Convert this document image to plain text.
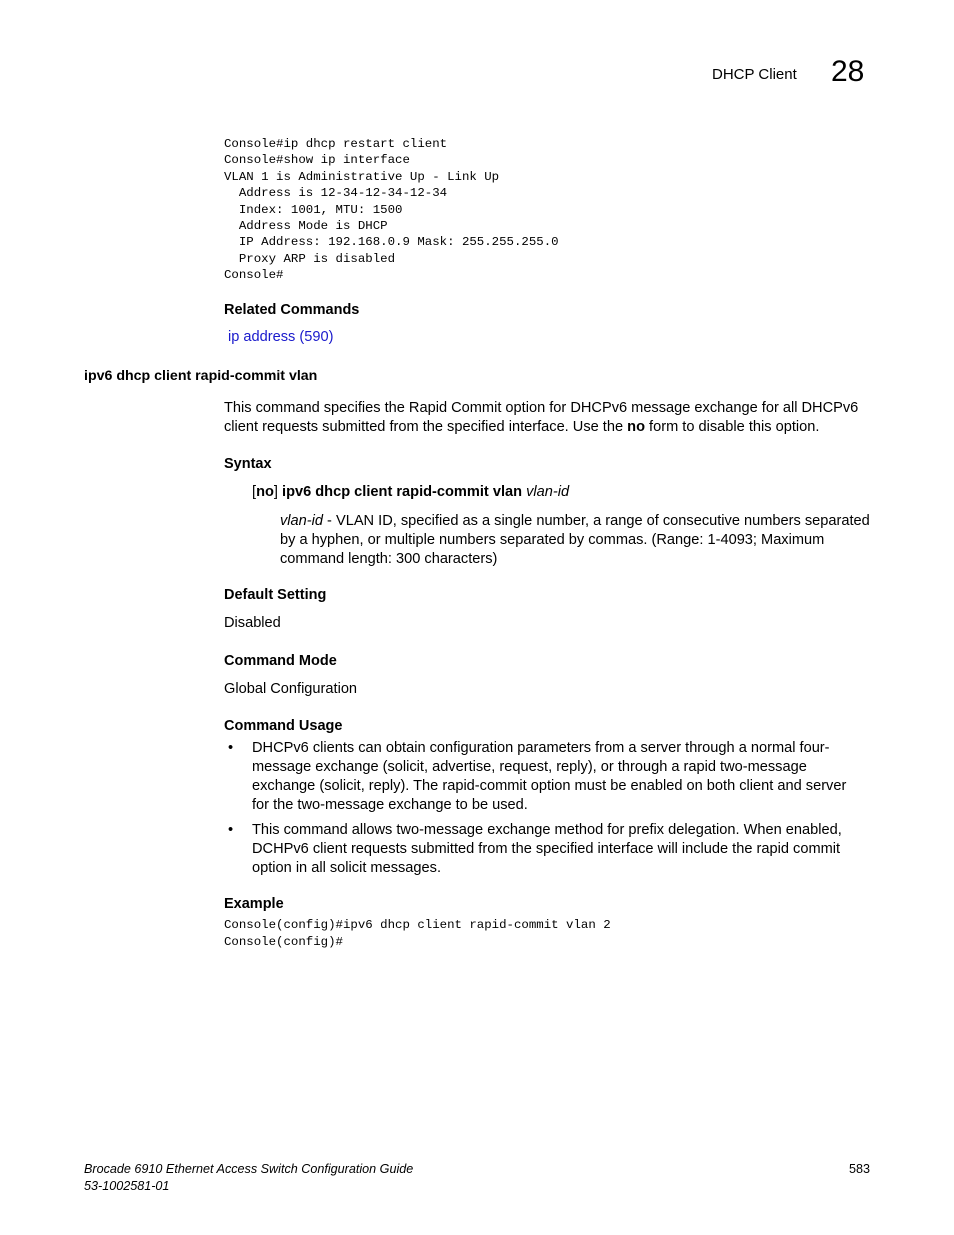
DHCP Client 28
Console#ip dhcp restart client
Console#show ip interface
VLAN 1 is Administrative Up - Link Up
Address is 12-34-12-34-12-34
Index: 1001, MTU: 1500
Address Mode is DHCP
IP Address: 192.168.0.9 Mask: 255.255.255.0
Proxy ARP is disabled
Console#
Related Commands
ip address (590)
ipv6 dhcp client rapid-commit vlan
This command specifies the Rapid Commit option for DHCPv6 message exchange for all DHCPv6 client requests submitted from the specified interface. Use the no form to disable this option.
Syntax
[no] ipv6 dhcp client rapid-commit vlan vlan-id
vlan-id - VLAN ID, specified as a single number, a range of consecutive numbers separated by a hyphen, or multiple numbers separated by commas. (Range: 1-4093; Maximum command length: 300 characters)
Default Setting
Disabled
Command Mode
Global Configuration
Command Usage
• DHCPv6 clients can obtain configuration parameters from a server through a normal four-message exchange (solicit, advertise, request, reply), or through a rapid two-message exchange (solicit, reply). The rapid-commit option must be enabled on both client and server for the two-message exchange to be used.
• This command allows two-message exchange method for prefix delegation. When enabled, DCHPv6 client requests submitted from the specified interface will include the rapid commit option in all solicit messages.
Example
Console(config)#ipv6 dhcp client rapid-commit vlan 2
Console(config)#
Brocade 6910 Ethernet Access Switch Configuration Guide
53-1002581-01
583
